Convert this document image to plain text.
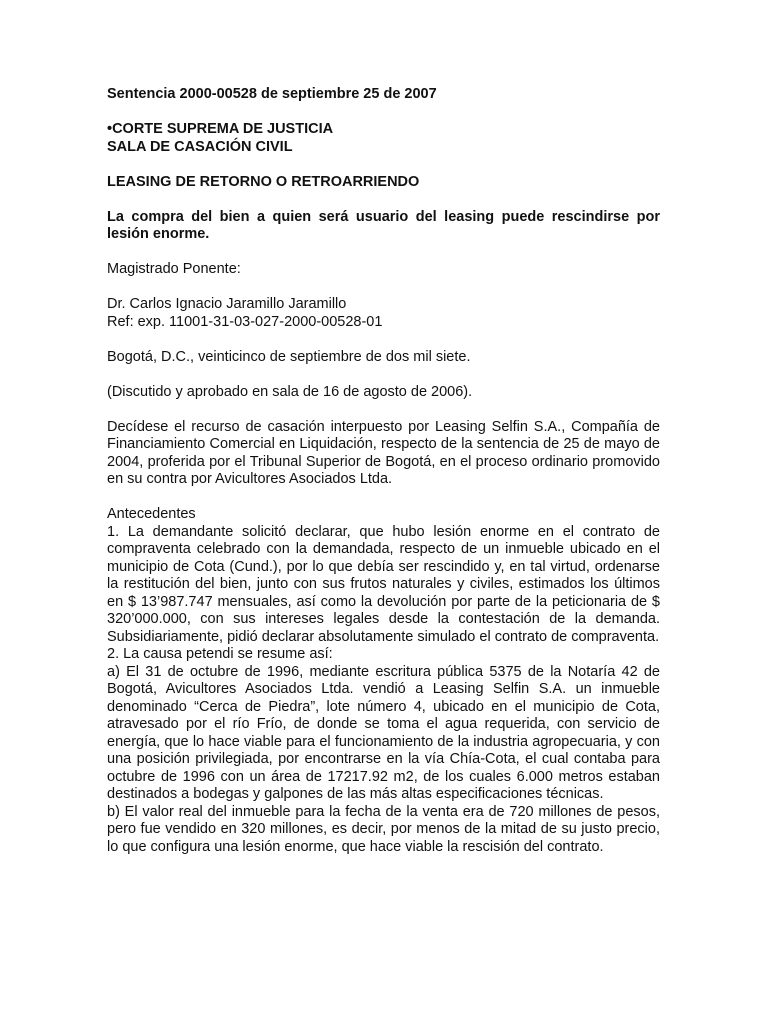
Sentencia 2000-00528 de septiembre 25 de 2007

•CORTE SUPREMA DE JUSTICIA

SALA DE CASACIÓN CIVIL

LEASING DE RETORNO O RETROARRIENDO

La compra del bien a quien será usuario del leasing puede rescindirse por lesión enorme.

Magistrado Ponente:

Dr. Carlos Ignacio Jaramillo Jaramillo

Ref: exp. 11001-31-03-027-2000-00528-01

Bogotá, D.C., veinticinco de septiembre de dos mil siete.

(Discutido y aprobado en sala de 16 de agosto de 2006).

Decídese el recurso de casación interpuesto por Leasing Selfin S.A., Compañía de Financiamiento Comercial en Liquidación, respecto de la sentencia de 25 de mayo de 2004, proferida por el Tribunal Superior de Bogotá, en el proceso ordinario promovido en su contra por Avicultores Asociados Ltda.

Antecedentes

1. La demandante solicitó declarar, que hubo lesión enorme en el contrato de compraventa celebrado con la demandada, respecto de un inmueble ubicado en el municipio de Cota (Cund.), por lo que debía ser rescindido y, en tal virtud, ordenarse la restitución del bien, junto con sus frutos naturales y civiles, estimados los últimos en $ 13’987.747 mensuales, así como la devolución por parte de la peticionaria de $ 320’000.000, con sus intereses legales desde la contestación de la demanda. Subsidiariamente, pidió declarar absolutamente simulado el contrato de compraventa.

2. La causa petendi se resume así:

a) El 31 de octubre de 1996, mediante escritura pública 5375 de la Notaría 42 de Bogotá, Avicultores Asociados Ltda. vendió a Leasing Selfin S.A. un inmueble denominado “Cerca de Piedra”, lote número 4, ubicado en el municipio de Cota, atravesado por el río Frío, de donde se toma el agua requerida, con servicio de energía, que lo hace viable para el funcionamiento de la industria agropecuaria, y con una posición privilegiada, por encontrarse en la vía Chía-Cota, el cual contaba para octubre de 1996 con un área de 17217.92 m2, de los cuales 6.000 metros estaban destinados a bodegas y galpones de las más altas especificaciones técnicas.

b) El valor real del inmueble para la fecha de la venta era de 720 millones de pesos, pero fue vendido en 320 millones, es decir, por menos de la mitad de su justo precio, lo que configura una lesión enorme, que hace viable la rescisión del contrato.
